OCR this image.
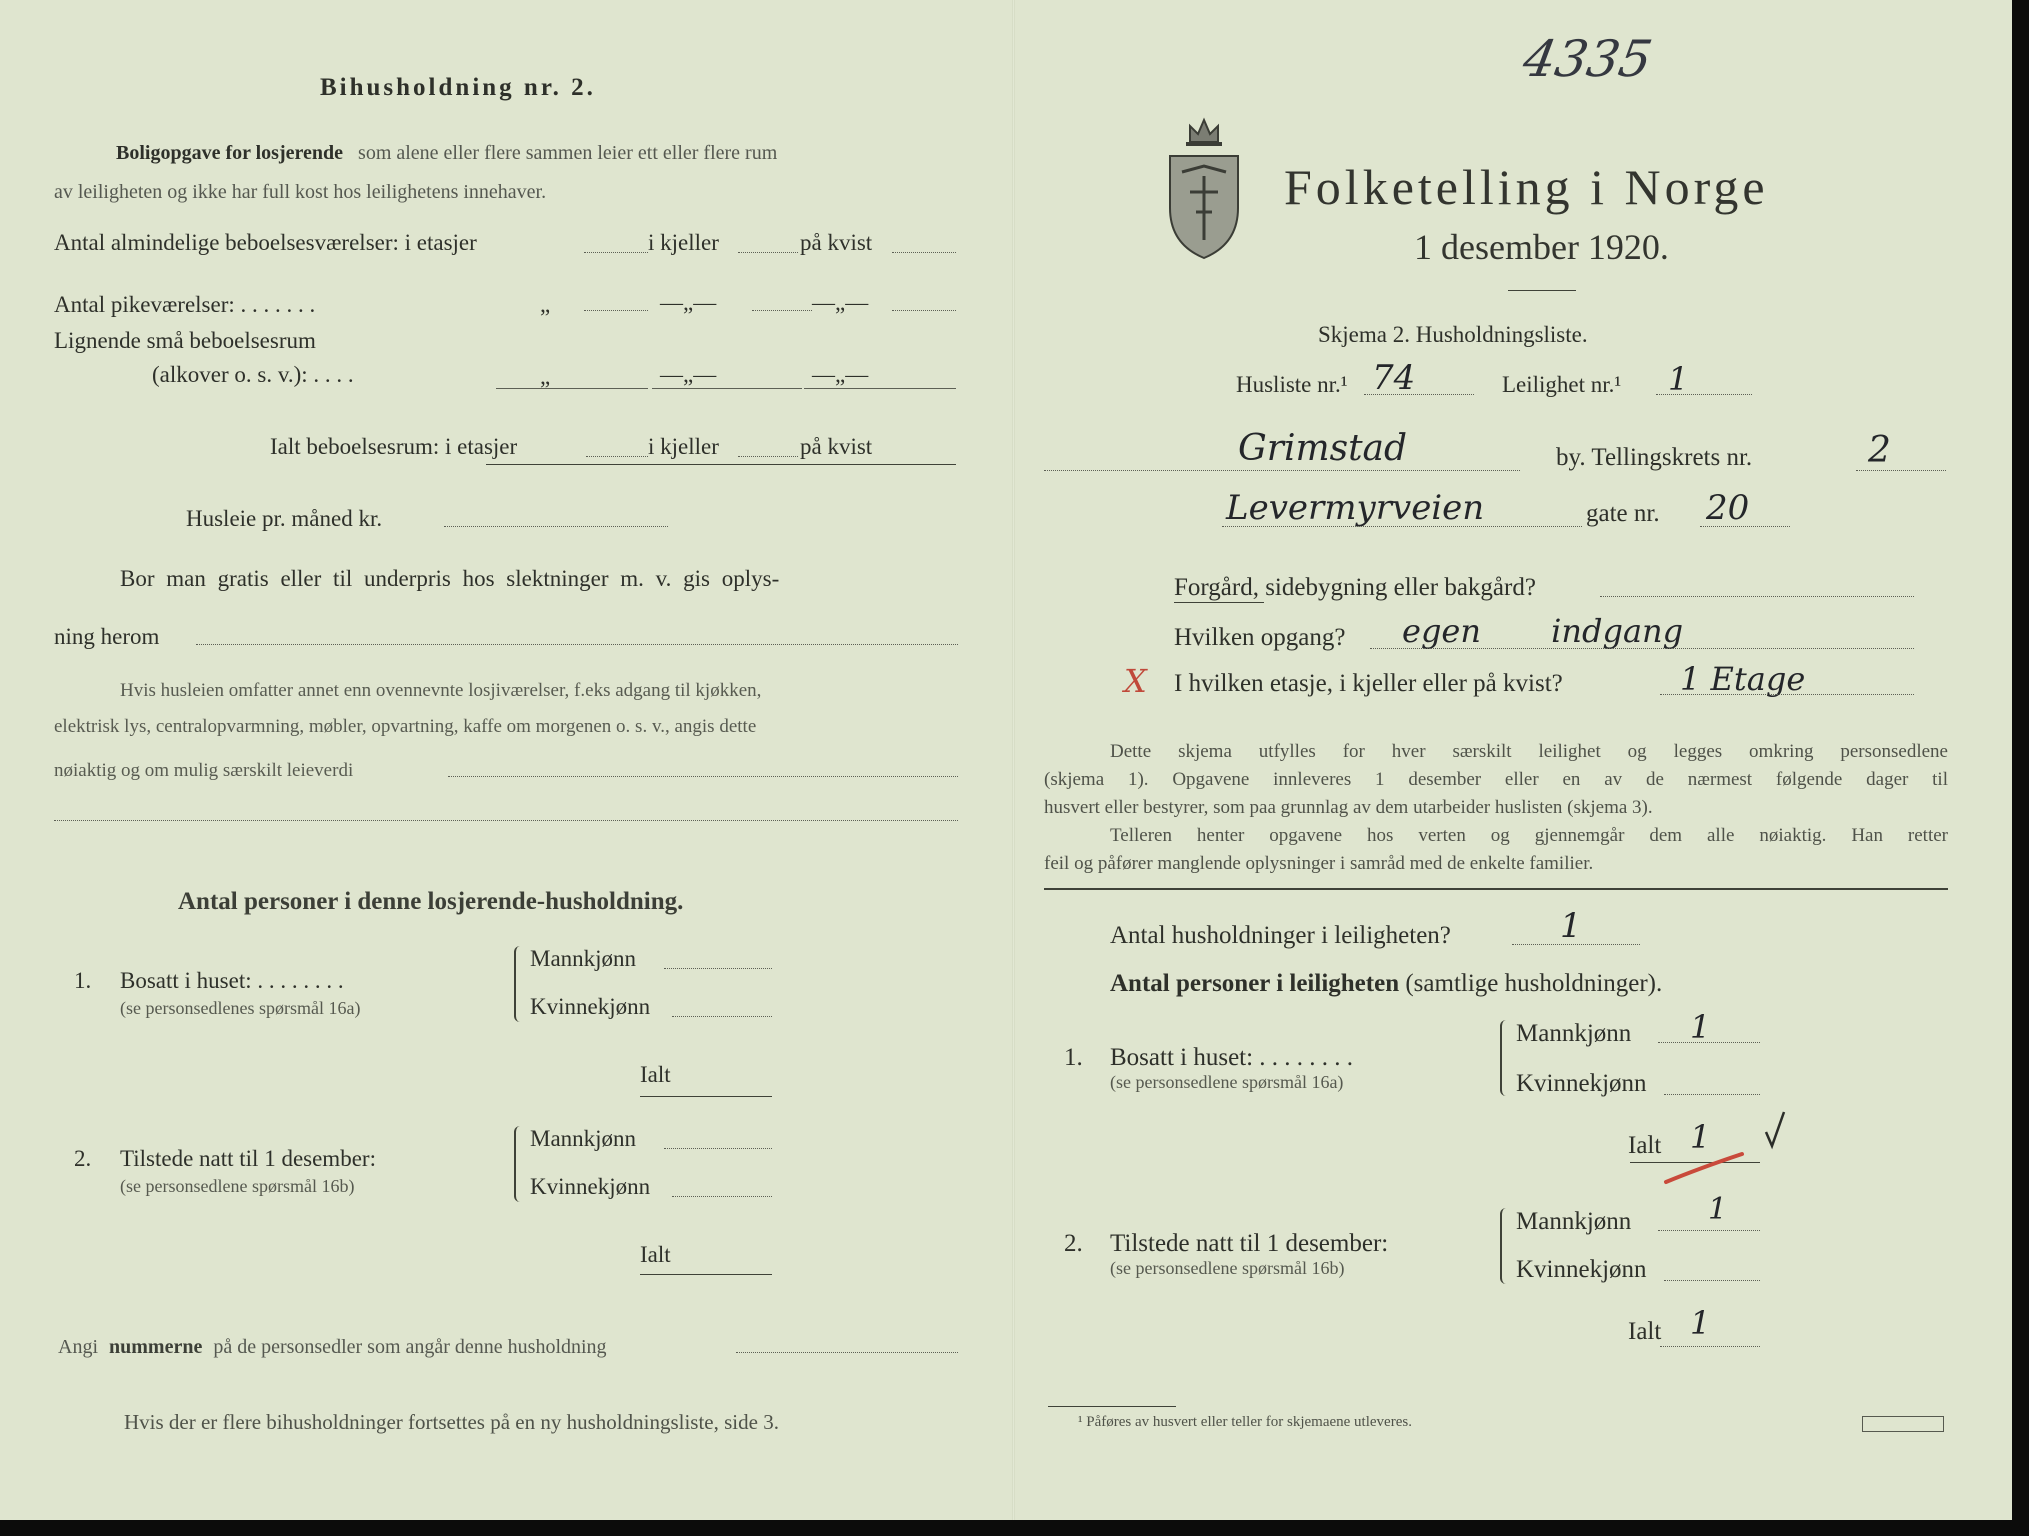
Bihusholdning nr. 2.
Boligopgave for losjerende som alene eller flere sammen leier ett eller flere rum
av leiligheten og ikke har full kost hos leilighetens innehaver.
Antal almindelige beboelsesværelser: i etasjer	i kjeller	på kvist
Antal pikeværelser: . . . . . . .	„	—„—	—„—
Lignende små beboelsesrum
(alkover o. s. v.): . . . .	„	—„—	—„—
Ialt beboelsesrum: i etasjer	i kjeller	på kvist
Husleie pr. måned kr.
Bor man gratis eller til underpris hos slektninger m. v. gis oplys-
ning herom
Hvis husleien omfatter annet enn ovennevnte losjiværelser, f.eks adgang til kjøkken,
elektrisk lys, centralopvarmning, møbler, opvartning, kaffe om morgenen o. s. v., angis dette
nøiaktig og om mulig særskilt leieverdi
Antal personer i denne losjerende-husholdning.
1. Bosatt i huset: . . . . . . . .
(se personsedlenes spørsmål 16a)
Mannkjønn
Kvinnekjønn
Ialt
2. Tilstede natt til 1 desember:
(se personsedlene spørsmål 16b)
Mannkjønn
Kvinnekjønn
Ialt
Angi nummerne på de personsedler som angår denne husholdning
Hvis der er flere bihusholdninger fortsettes på en ny husholdningsliste, side 3.
4335
Folketelling i Norge
1 desember 1920.
Skjema 2. Husholdningsliste.
Husliste nr.¹ 74	Leilighet nr.¹ 1
Grimstad	by. Tellingskrets nr.	2
Levermyrveien	gate nr. 20
Forgård, sidebygning eller bakgård?
Hvilken opgang? egen indgang
X I hvilken etasje, i kjeller eller på kvist?	1 Etage
Dette skjema utfylles for hver særskilt leilighet og legges omkring personsedlene
(skjema 1). Opgavene innleveres 1 desember eller en av de nærmest følgende dager til
husvert eller bestyrer, som paa grunnlag av dem utarbeider huslisten (skjema 3).
Telleren henter opgavene hos verten og gjennemgår dem alle nøiaktig. Han retter
feil og påfører manglende oplysninger i samråd med de enkelte familier.
Antal husholdninger i leiligheten?	1
Antal personer i leiligheten (samtlige husholdninger).
1. Bosatt i huset: . . . . . . . .
(se personsedlene spørsmål 16a)
Mannkjønn 1
Kvinnekjønn
Ialt 1
2. Tilstede natt til 1 desember:
(se personsedlene spørsmål 16b)
Mannkjønn	1
Kvinnekjønn
Ialt 1
¹ Påføres av husvert eller teller for skjemaene utleveres.
